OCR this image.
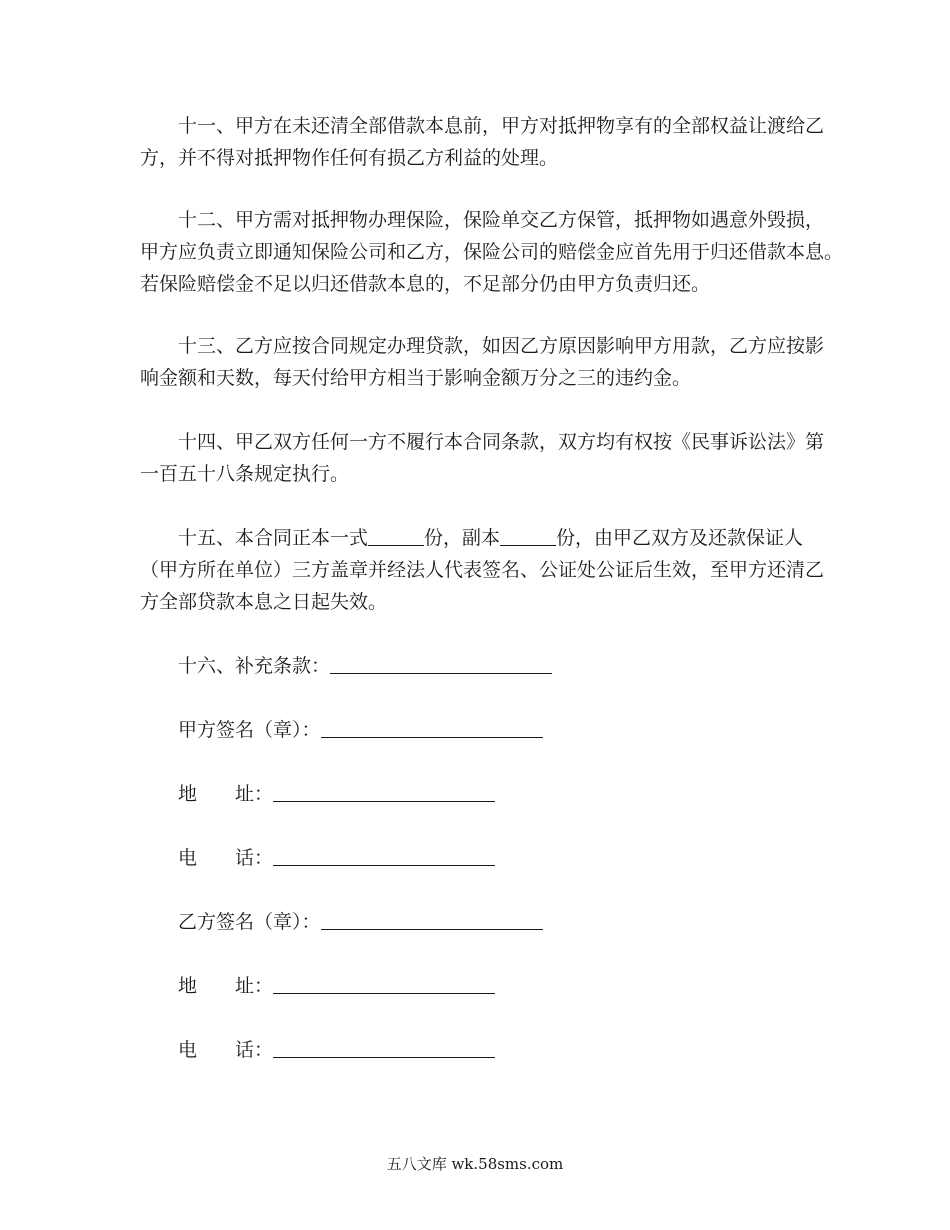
十一、甲方在未还清全部借款本息前，甲方对抵押物享有的全部权益让渡给乙
方，并不得对抵押物作任何有损乙方利益的处理。
十二、甲方需对抵押物办理保险，保险单交乙方保管，抵押物如遇意外毁损，
甲方应负责立即通知保险公司和乙方，保险公司的赔偿金应首先用于归还借款本息。
若保险赔偿金不足以归还借款本息的，不足部分仍由甲方负责归还。
十三、乙方应按合同规定办理贷款，如因乙方原因影响甲方用款，乙方应按影
响金额和天数，每天付给甲方相当于影响金额万分之三的违约金。
十四、甲乙双方任何一方不履行本合同条款，双方均有权按《民事诉讼法》第
一百五十八条规定执行。
十五、本合同正本一式	份，副本	份，由甲乙双方及还款保证人
（甲方所在单位）三方盖章并经法人代表签名、公证处公证后生效，至甲方还清乙
方全部贷款本息之日起失效。
十六、补充条款：
甲方签名（章）：
地 址：
电 话：
乙方签名（章）：
地 址：
电 话：
五八文库 wk.58sms.com
